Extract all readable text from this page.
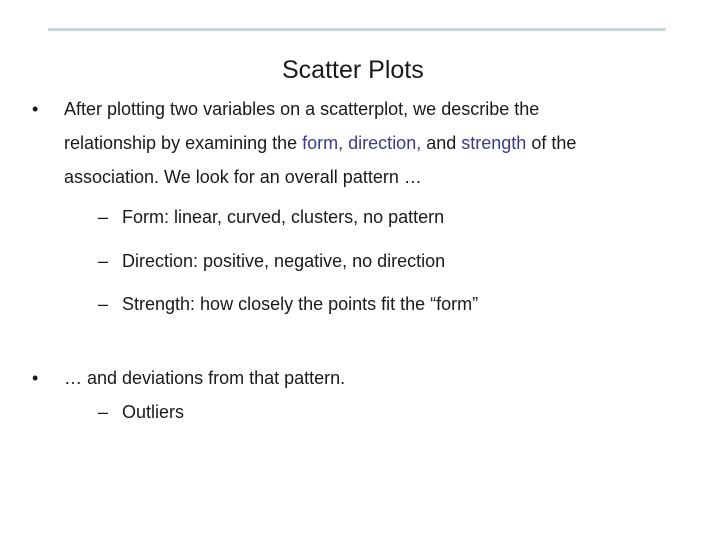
Scatter Plots
• After plotting two variables on a scatterplot, we describe the
relationship by examining the form, direction, and strength of the
association. We look for an overall pattern …
– Form: linear, curved, clusters, no pattern
– Direction: positive, negative, no direction
– Strength: how closely the points fit the “form”
• … and deviations from that pattern.
– Outliers
